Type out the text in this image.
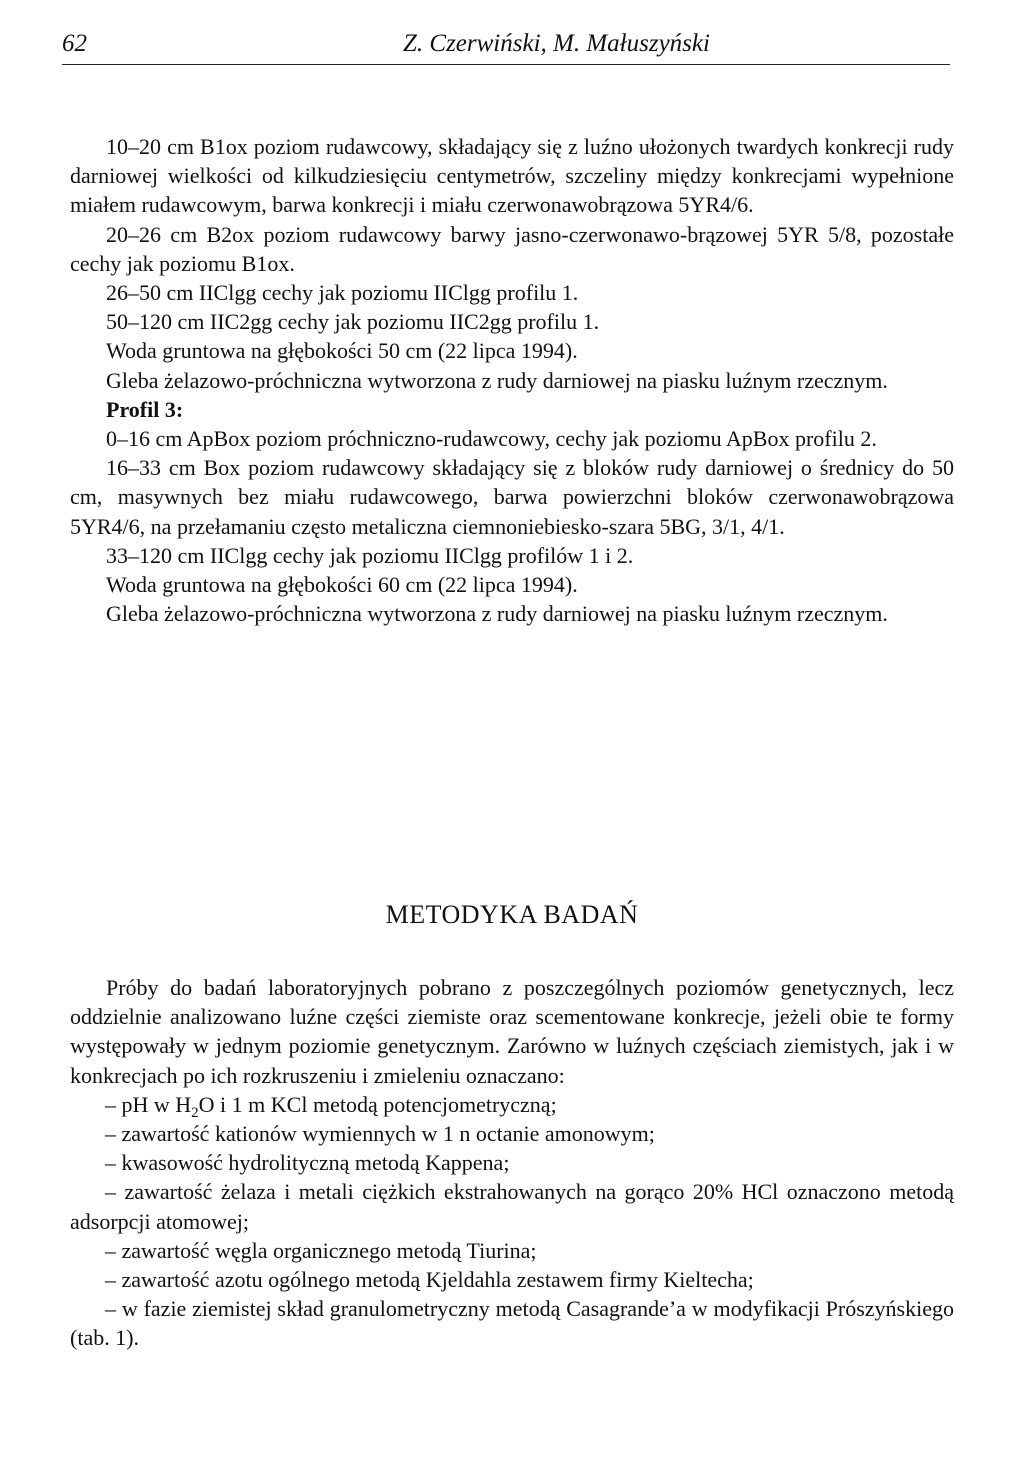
62	Z. Czerwiński, M. Małuszyński

10–20 cm B1ox poziom rudawcowy, składający się z luźno ułożonych twardych konkrecji rudy darniowej wielkości od kilkudziesięciu centymetrów, szczeliny między konkrecjami wypełnione miałem rudawcowym, barwa konkrecji i miału czerwonawobrązowa 5YR4/6.

20–26 cm B2ox poziom rudawcowy barwy jasno-czerwonawo-brązowej 5YR 5/8, pozostałe cechy jak poziomu B1ox.

26–50 cm IIClgg cechy jak poziomu IIClgg profilu 1.

50–120 cm IIC2gg cechy jak poziomu IIC2gg profilu 1.

Woda gruntowa na głębokości 50 cm (22 lipca 1994).

Gleba żelazowo-próchniczna wytworzona z rudy darniowej na piasku luźnym rzecznym.

Profil 3:

0–16 cm ApBox poziom próchniczno-rudawcowy, cechy jak poziomu ApBox profilu 2.

16–33 cm Box poziom rudawcowy składający się z bloków rudy darniowej o średnicy do 50 cm, masywnych bez miału rudawcowego, barwa powierzchni bloków czerwonawobrązowa 5YR4/6, na przełamaniu często metaliczna ciemnoniebiesko-szara 5BG, 3/1, 4/1.

33–120 cm IIClgg cechy jak poziomu IIClgg profilów 1 i 2.

Woda gruntowa na głębokości 60 cm (22 lipca 1994).

Gleba żelazowo-próchniczna wytworzona z rudy darniowej na piasku luźnym rzecznym.

METODYKA BADAŃ

Próby do badań laboratoryjnych pobrano z poszczególnych poziomów genetycznych, lecz oddzielnie analizowano luźne części ziemiste oraz scementowane konkrecje, jeżeli obie te formy występowały w jednym poziomie genetycznym. Zarówno w luźnych częściach ziemistych, jak i w konkrecjach po ich rozkruszeniu i zmieleniu oznaczano:

– pH w $H_2O$ i 1 m KCl metodą potencjometryczną;

– zawartość kationów wymiennych w 1 n octanie amonowym;

– kwasowość hydrolityczną metodą Kappena;

– zawartość żelaza i metali ciężkich ekstrahowanych na gorąco 20% HCl oznaczono metodą adsorpcji atomowej;

– zawartość węgla organicznego metodą Tiurina;

– zawartość azotu ogólnego metodą Kjeldahla zestawem firmy Kieltecha;

– w fazie ziemistej skład granulometryczny metodą Casagrande’a w modyfikacji Prószyńskiego (tab. 1).
